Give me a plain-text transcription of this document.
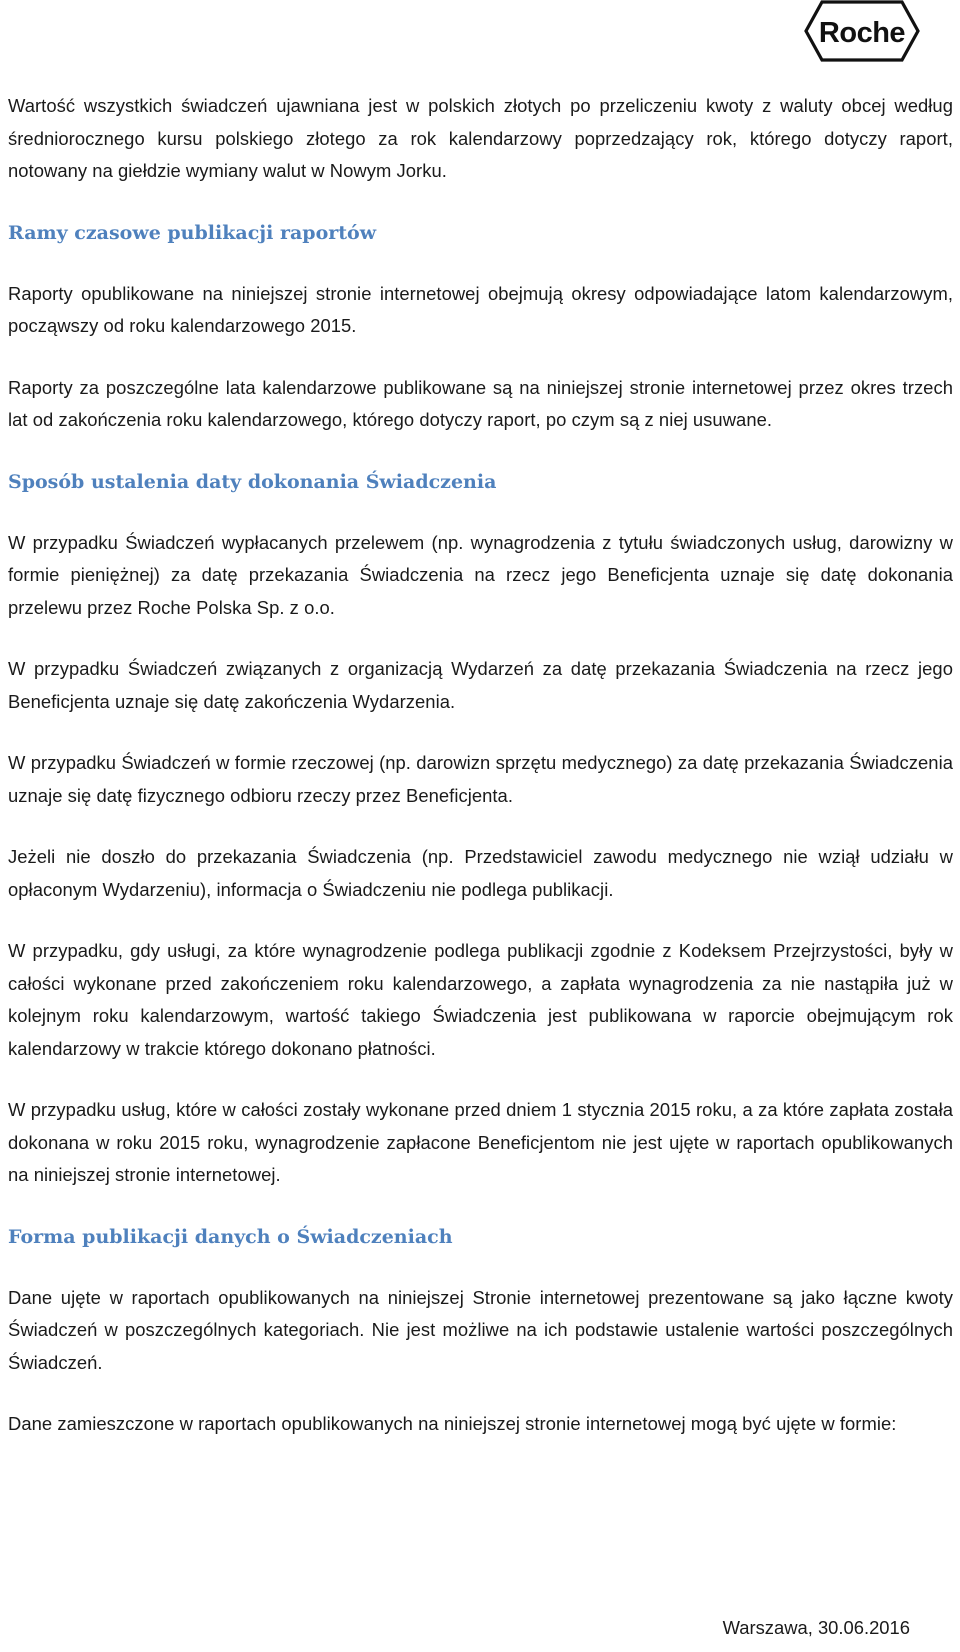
Roche

Wartość wszystkich świadczeń ujawniana jest w polskich złotych po przeliczeniu kwoty z waluty obcej według średniorocznego kursu polskiego złotego za rok kalendarzowy poprzedzający rok, którego dotyczy raport, notowany na giełdzie wymiany walut w Nowym Jorku.

Ramy czasowe publikacji raportów

Raporty opublikowane na niniejszej stronie internetowej obejmują okresy odpowiadające latom kalendarzowym, począwszy od roku kalendarzowego 2015.

Raporty za poszczególne lata kalendarzowe publikowane są na niniejszej stronie internetowej przez okres trzech lat od zakończenia roku kalendarzowego, którego dotyczy raport, po czym są z niej usuwane.

Sposób ustalenia daty dokonania Świadczenia

W przypadku Świadczeń wypłacanych przelewem (np. wynagrodzenia z tytułu świadczonych usług, darowizny w formie pieniężnej) za datę przekazania Świadczenia na rzecz jego Beneficjenta uznaje się datę dokonania przelewu przez Roche Polska Sp. z o.o.

W przypadku Świadczeń związanych z organizacją Wydarzeń za datę przekazania Świadczenia na rzecz jego Beneficjenta uznaje się datę zakończenia Wydarzenia.

W przypadku Świadczeń w formie rzeczowej (np. darowizn sprzętu medycznego) za datę przekazania Świadczenia uznaje się datę fizycznego odbioru rzeczy przez Beneficjenta.

Jeżeli nie doszło do przekazania Świadczenia (np. Przedstawiciel zawodu medycznego nie wziął udziału w opłaconym Wydarzeniu), informacja o Świadczeniu nie podlega publikacji.

W przypadku, gdy usługi, za które wynagrodzenie podlega publikacji zgodnie z Kodeksem Przejrzystości, były w całości wykonane przed zakończeniem roku kalendarzowego, a zapłata wynagrodzenia za nie nastąpiła już w kolejnym roku kalendarzowym, wartość takiego Świadczenia jest publikowana w raporcie obejmującym rok kalendarzowy w trakcie którego dokonano płatności.

W przypadku usług, które w całości zostały wykonane przed dniem 1 stycznia 2015 roku, a za które zapłata została dokonana w roku 2015 roku, wynagrodzenie zapłacone Beneficjentom nie jest ujęte w raportach opublikowanych na niniejszej stronie internetowej.

Forma publikacji danych o Świadczeniach

Dane ujęte w raportach opublikowanych na niniejszej Stronie internetowej prezentowane są jako łączne kwoty Świadczeń w poszczególnych kategoriach. Nie jest możliwe na ich podstawie ustalenie wartości poszczególnych Świadczeń.

Dane zamieszczone w raportach opublikowanych na niniejszej stronie internetowej mogą być ujęte w formie:

Warszawa, 30.06.2016
